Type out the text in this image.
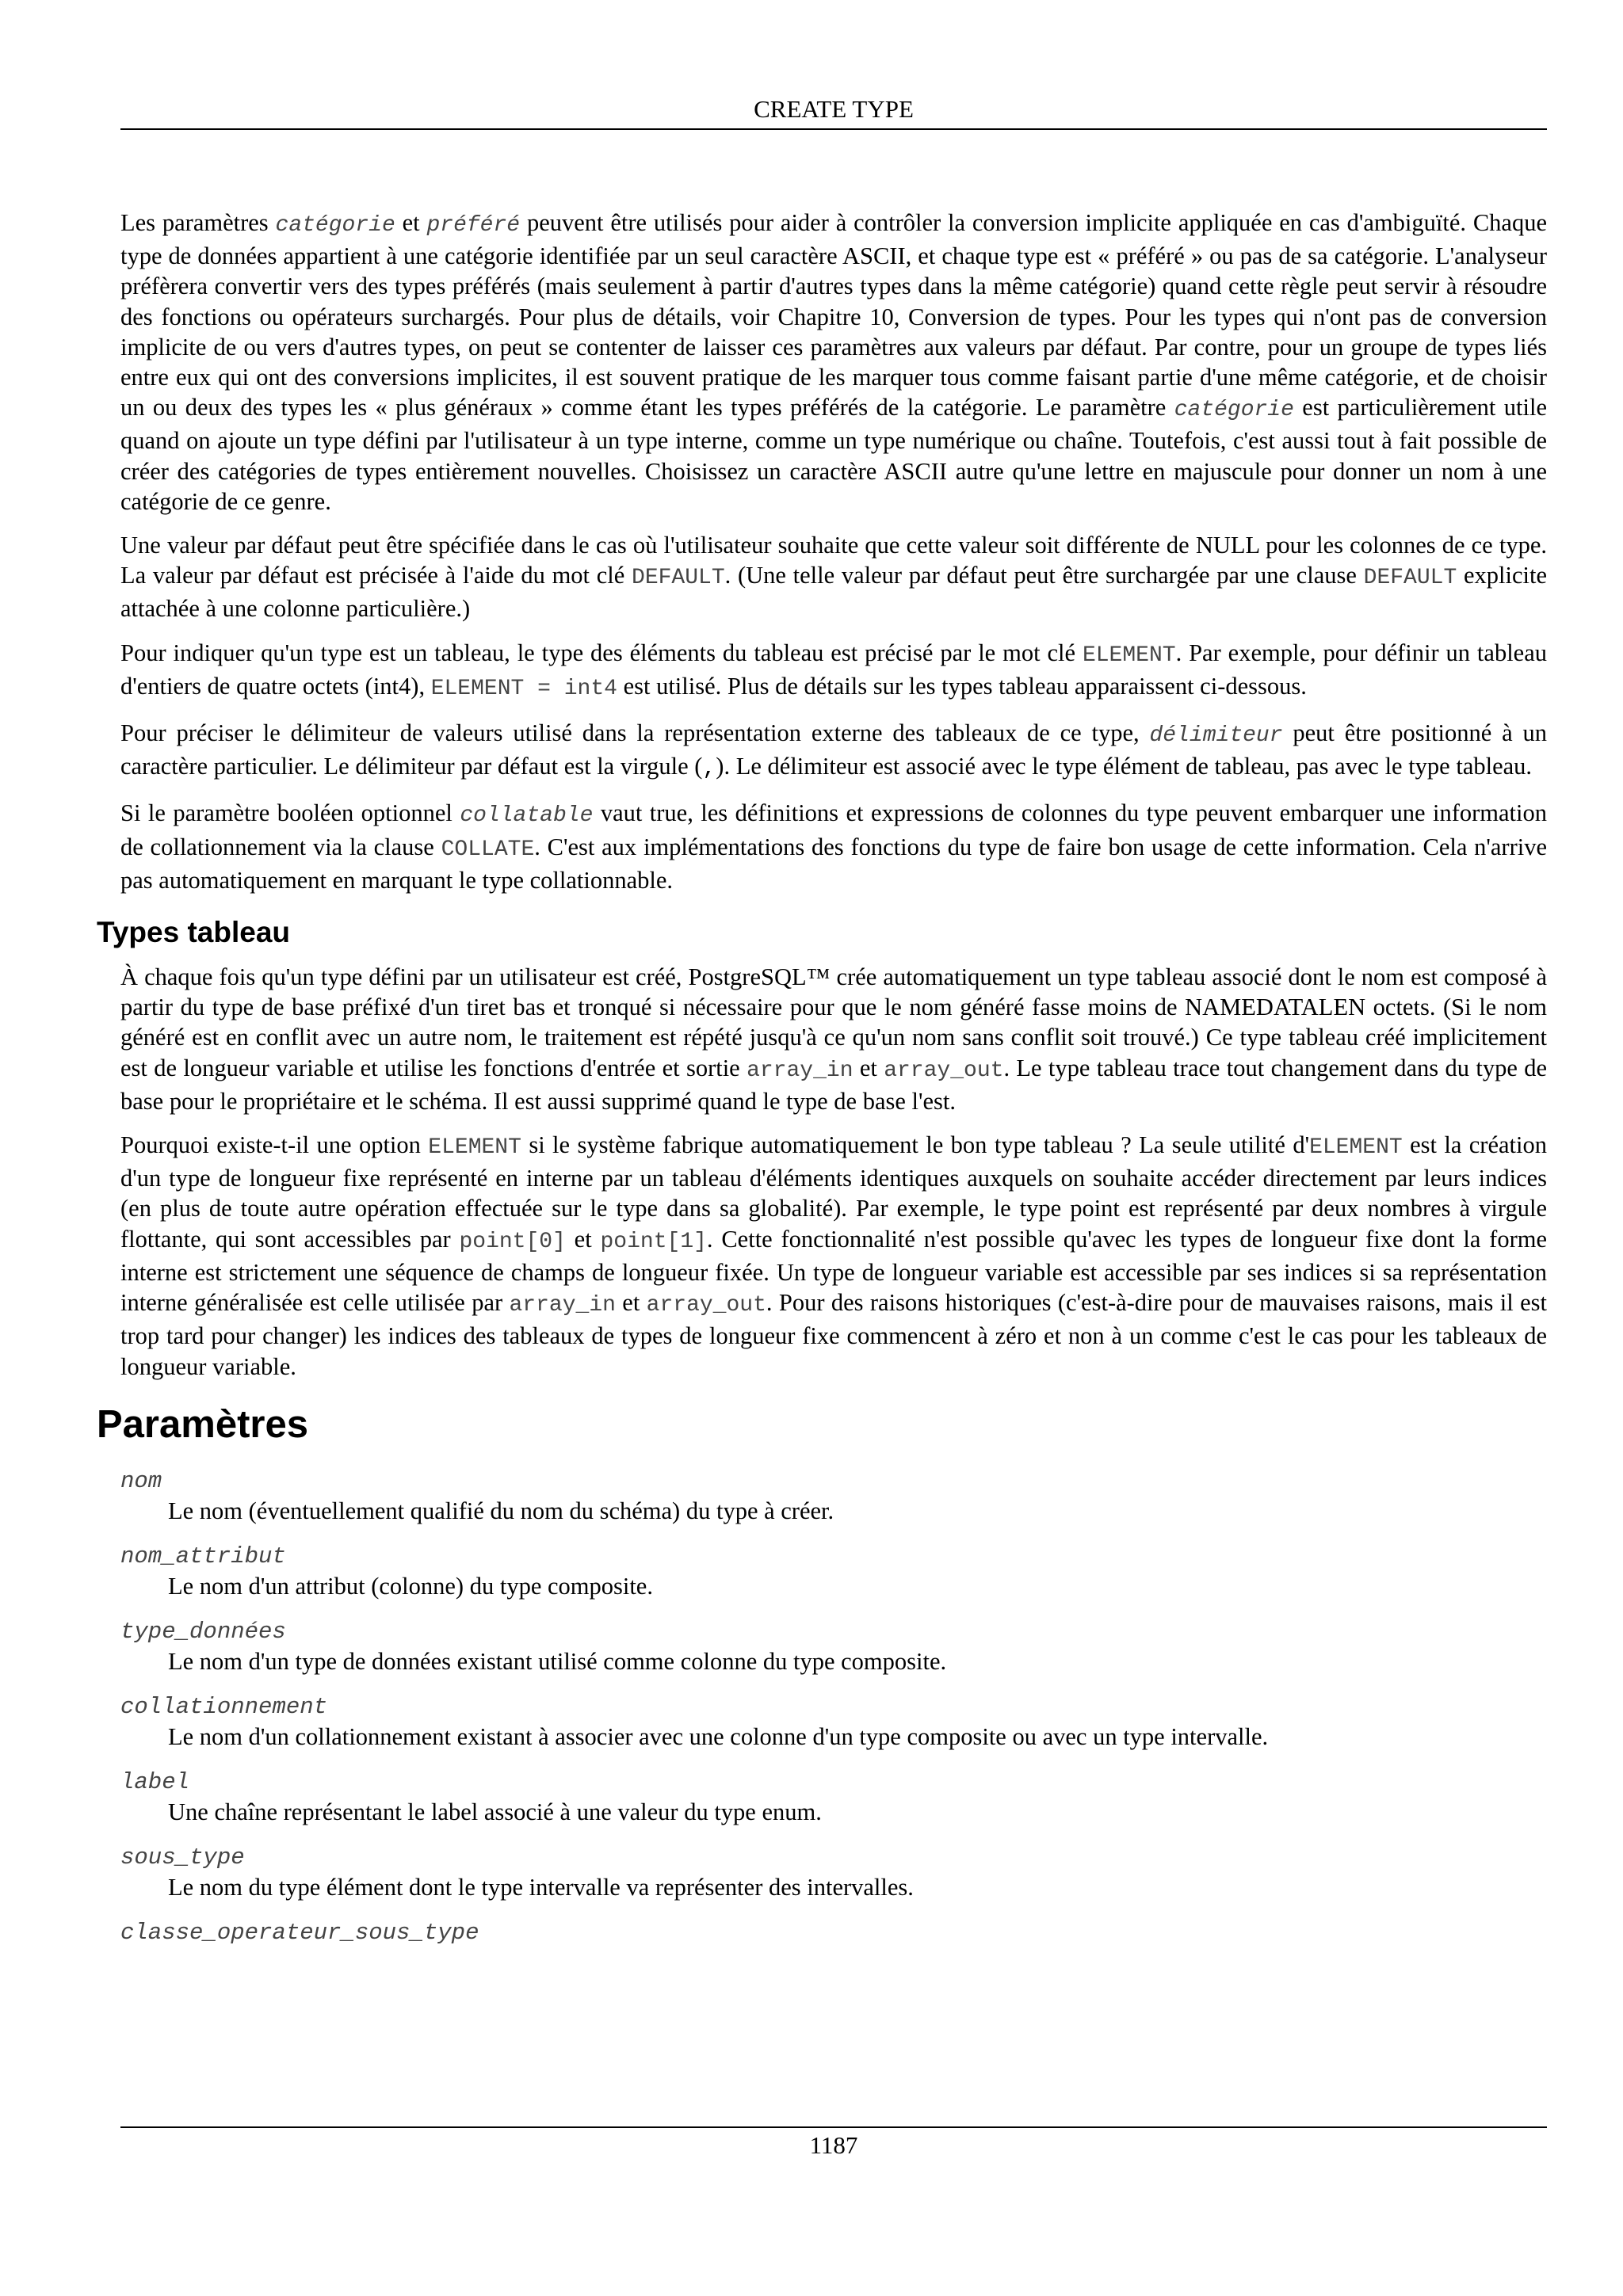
CREATE TYPE

Les paramètres catégorie et préféré peuvent être utilisés pour aider à contrôler la conversion implicite appliquée en cas d'ambiguïté. Chaque type de données appartient à une catégorie identifiée par un seul caractère ASCII, et chaque type est « préféré » ou pas de sa catégorie. L'analyseur préfèrera convertir vers des types préférés (mais seulement à partir d'autres types dans la même catégorie) quand cette règle peut servir à résoudre des fonctions ou opérateurs surchargés. Pour plus de détails, voir Chapitre 10, Conversion de types. Pour les types qui n'ont pas de conversion implicite de ou vers d'autres types, on peut se contenter de laisser ces paramètres aux valeurs par défaut. Par contre, pour un groupe de types liés entre eux qui ont des conversions implicites, il est souvent pratique de les marquer tous comme faisant partie d'une même catégorie, et de choisir un ou deux des types les « plus généraux » comme étant les types préférés de la catégorie. Le paramètre catégorie est particulièrement utile quand on ajoute un type défini par l'utilisateur à un type interne, comme un type numérique ou chaîne. Toutefois, c'est aussi tout à fait possible de créer des catégories de types entièrement nouvelles. Choisissez un caractère ASCII autre qu'une lettre en majuscule pour donner un nom à une catégorie de ce genre.

Une valeur par défaut peut être spécifiée dans le cas où l'utilisateur souhaite que cette valeur soit différente de NULL pour les colonnes de ce type. La valeur par défaut est précisée à l'aide du mot clé DEFAULT. (Une telle valeur par défaut peut être surchargée par une clause DEFAULT explicite attachée à une colonne particulière.)

Pour indiquer qu'un type est un tableau, le type des éléments du tableau est précisé par le mot clé ELEMENT. Par exemple, pour définir un tableau d'entiers de quatre octets (int4), ELEMENT = int4 est utilisé. Plus de détails sur les types tableau apparaissent ci-dessous.

Pour préciser le délimiteur de valeurs utilisé dans la représentation externe des tableaux de ce type, délimiteur peut être positionné à un caractère particulier. Le délimiteur par défaut est la virgule (,). Le délimiteur est associé avec le type élément de tableau, pas avec le type tableau.

Si le paramètre booléen optionnel collatable vaut true, les définitions et expressions de colonnes du type peuvent embarquer une information de collationnement via la clause COLLATE. C'est aux implémentations des fonctions du type de faire bon usage de cette information. Cela n'arrive pas automatiquement en marquant le type collationnable.

Types tableau

À chaque fois qu'un type défini par un utilisateur est créé, PostgreSQL™ crée automatiquement un type tableau associé dont le nom est composé à partir du type de base préfixé d'un tiret bas et tronqué si nécessaire pour que le nom généré fasse moins de NAMEDATALEN octets. (Si le nom généré est en conflit avec un autre nom, le traitement est répété jusqu'à ce qu'un nom sans conflit soit trouvé.) Ce type tableau créé implicitement est de longueur variable et utilise les fonctions d'entrée et sortie array_in et array_out. Le type tableau trace tout changement dans du type de base pour le propriétaire et le schéma. Il est aussi supprimé quand le type de base l'est.

Pourquoi existe-t-il une option ELEMENT si le système fabrique automatiquement le bon type tableau ? La seule utilité d'ELEMENT est la création d'un type de longueur fixe représenté en interne par un tableau d'éléments identiques auxquels on souhaite accéder directement par leurs indices (en plus de toute autre opération effectuée sur le type dans sa globalité). Par exemple, le type point est représenté par deux nombres à virgule flottante, qui sont accessibles par point[0] et point[1]. Cette fonctionnalité n'est possible qu'avec les types de longueur fixe dont la forme interne est strictement une séquence de champs de longueur fixée. Un type de longueur variable est accessible par ses indices si sa représentation interne généralisée est celle utilisée par array_in et array_out. Pour des raisons historiques (c'est-à-dire pour de mauvaises raisons, mais il est trop tard pour changer) les indices des tableaux de types de longueur fixe commencent à zéro et non à un comme c'est le cas pour les tableaux de longueur variable.

Paramètres
nom
Le nom (éventuellement qualifié du nom du schéma) du type à créer.
nom_attribut
Le nom d'un attribut (colonne) du type composite.
type_données
Le nom d'un type de données existant utilisé comme colonne du type composite.
collationnement
Le nom d'un collationnement existant à associer avec une colonne d'un type composite ou avec un type intervalle.
label
Une chaîne représentant le label associé à une valeur du type enum.
sous_type
Le nom du type élément dont le type intervalle va représenter des intervalles.
classe_operateur_sous_type
1187
